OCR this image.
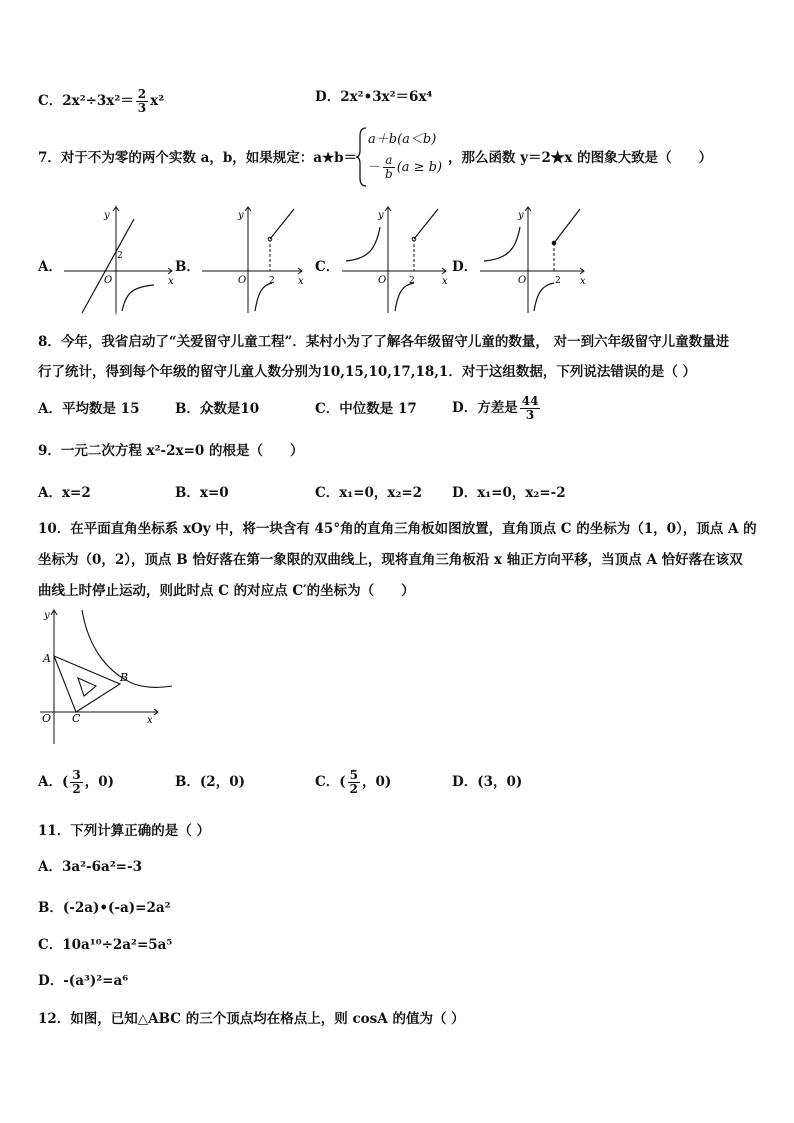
C．$2x^2\div 3x^2= \frac{2}{3} x^2$	D．2x²•3x²＝6x⁴
7．对于不为零的两个实数 a，b，如果规定：a★b＝
a＋b(a＜b)
－ $\frac{a}{b} (a \ge b)$
，那么函数 y＝2★x 的图象大致是（　　）
A．	B．	C．	D．
y
x
O
2
y
x
O	2
y
x
O	2
y
x
O	2
8．今年，我省启动了“关爱留守儿童工程”．某村小为了了解各年级留守儿童的数量， 对一到六年级留守儿童数量进
行了统计，得到每个年级的留守儿童人数分别为10,15,10,17,18,1．对于这组数据，下列说法错误的是（ ）
A．平均数是 15	B．众数是10	C．中位数是 17	D．方差是 $\frac{44}{3}$
9．一元二次方程 x²-2x=0 的根是（　　）
A．x=2	B．x=0	C．x₁=0，x₂=2 D．x₁=0，x₂=-2
10．在平面直角坐标系 xOy 中，将一块含有 45°角的直角三角板如图放置，直角顶点 C 的坐标为（1，0），顶点 A 的
坐标为（0，2），顶点 B 恰好落在第一象限的双曲线上，现将直角三角板沿 x 轴正方向平移，当顶点 A 恰好落在该双
曲线上时停止运动，则此时点 C 的对应点 C′的坐标为（　　）
y
x
O
A
B
C
A．( $\frac{3}{2}$ ，0)	B．(2，0)	C．( $\frac{5}{2}$ ，0)	D．(3，0)
11．下列计算正确的是（ ）
A．3a²-6a²=-3
B．(-2a)•(-a)=2a²
C．10a¹⁰÷2a²=5a⁵
D．-(a³)²=a⁶
12．如图，已知△ABC 的三个顶点均在格点上，则 cosA 的值为（ ）
